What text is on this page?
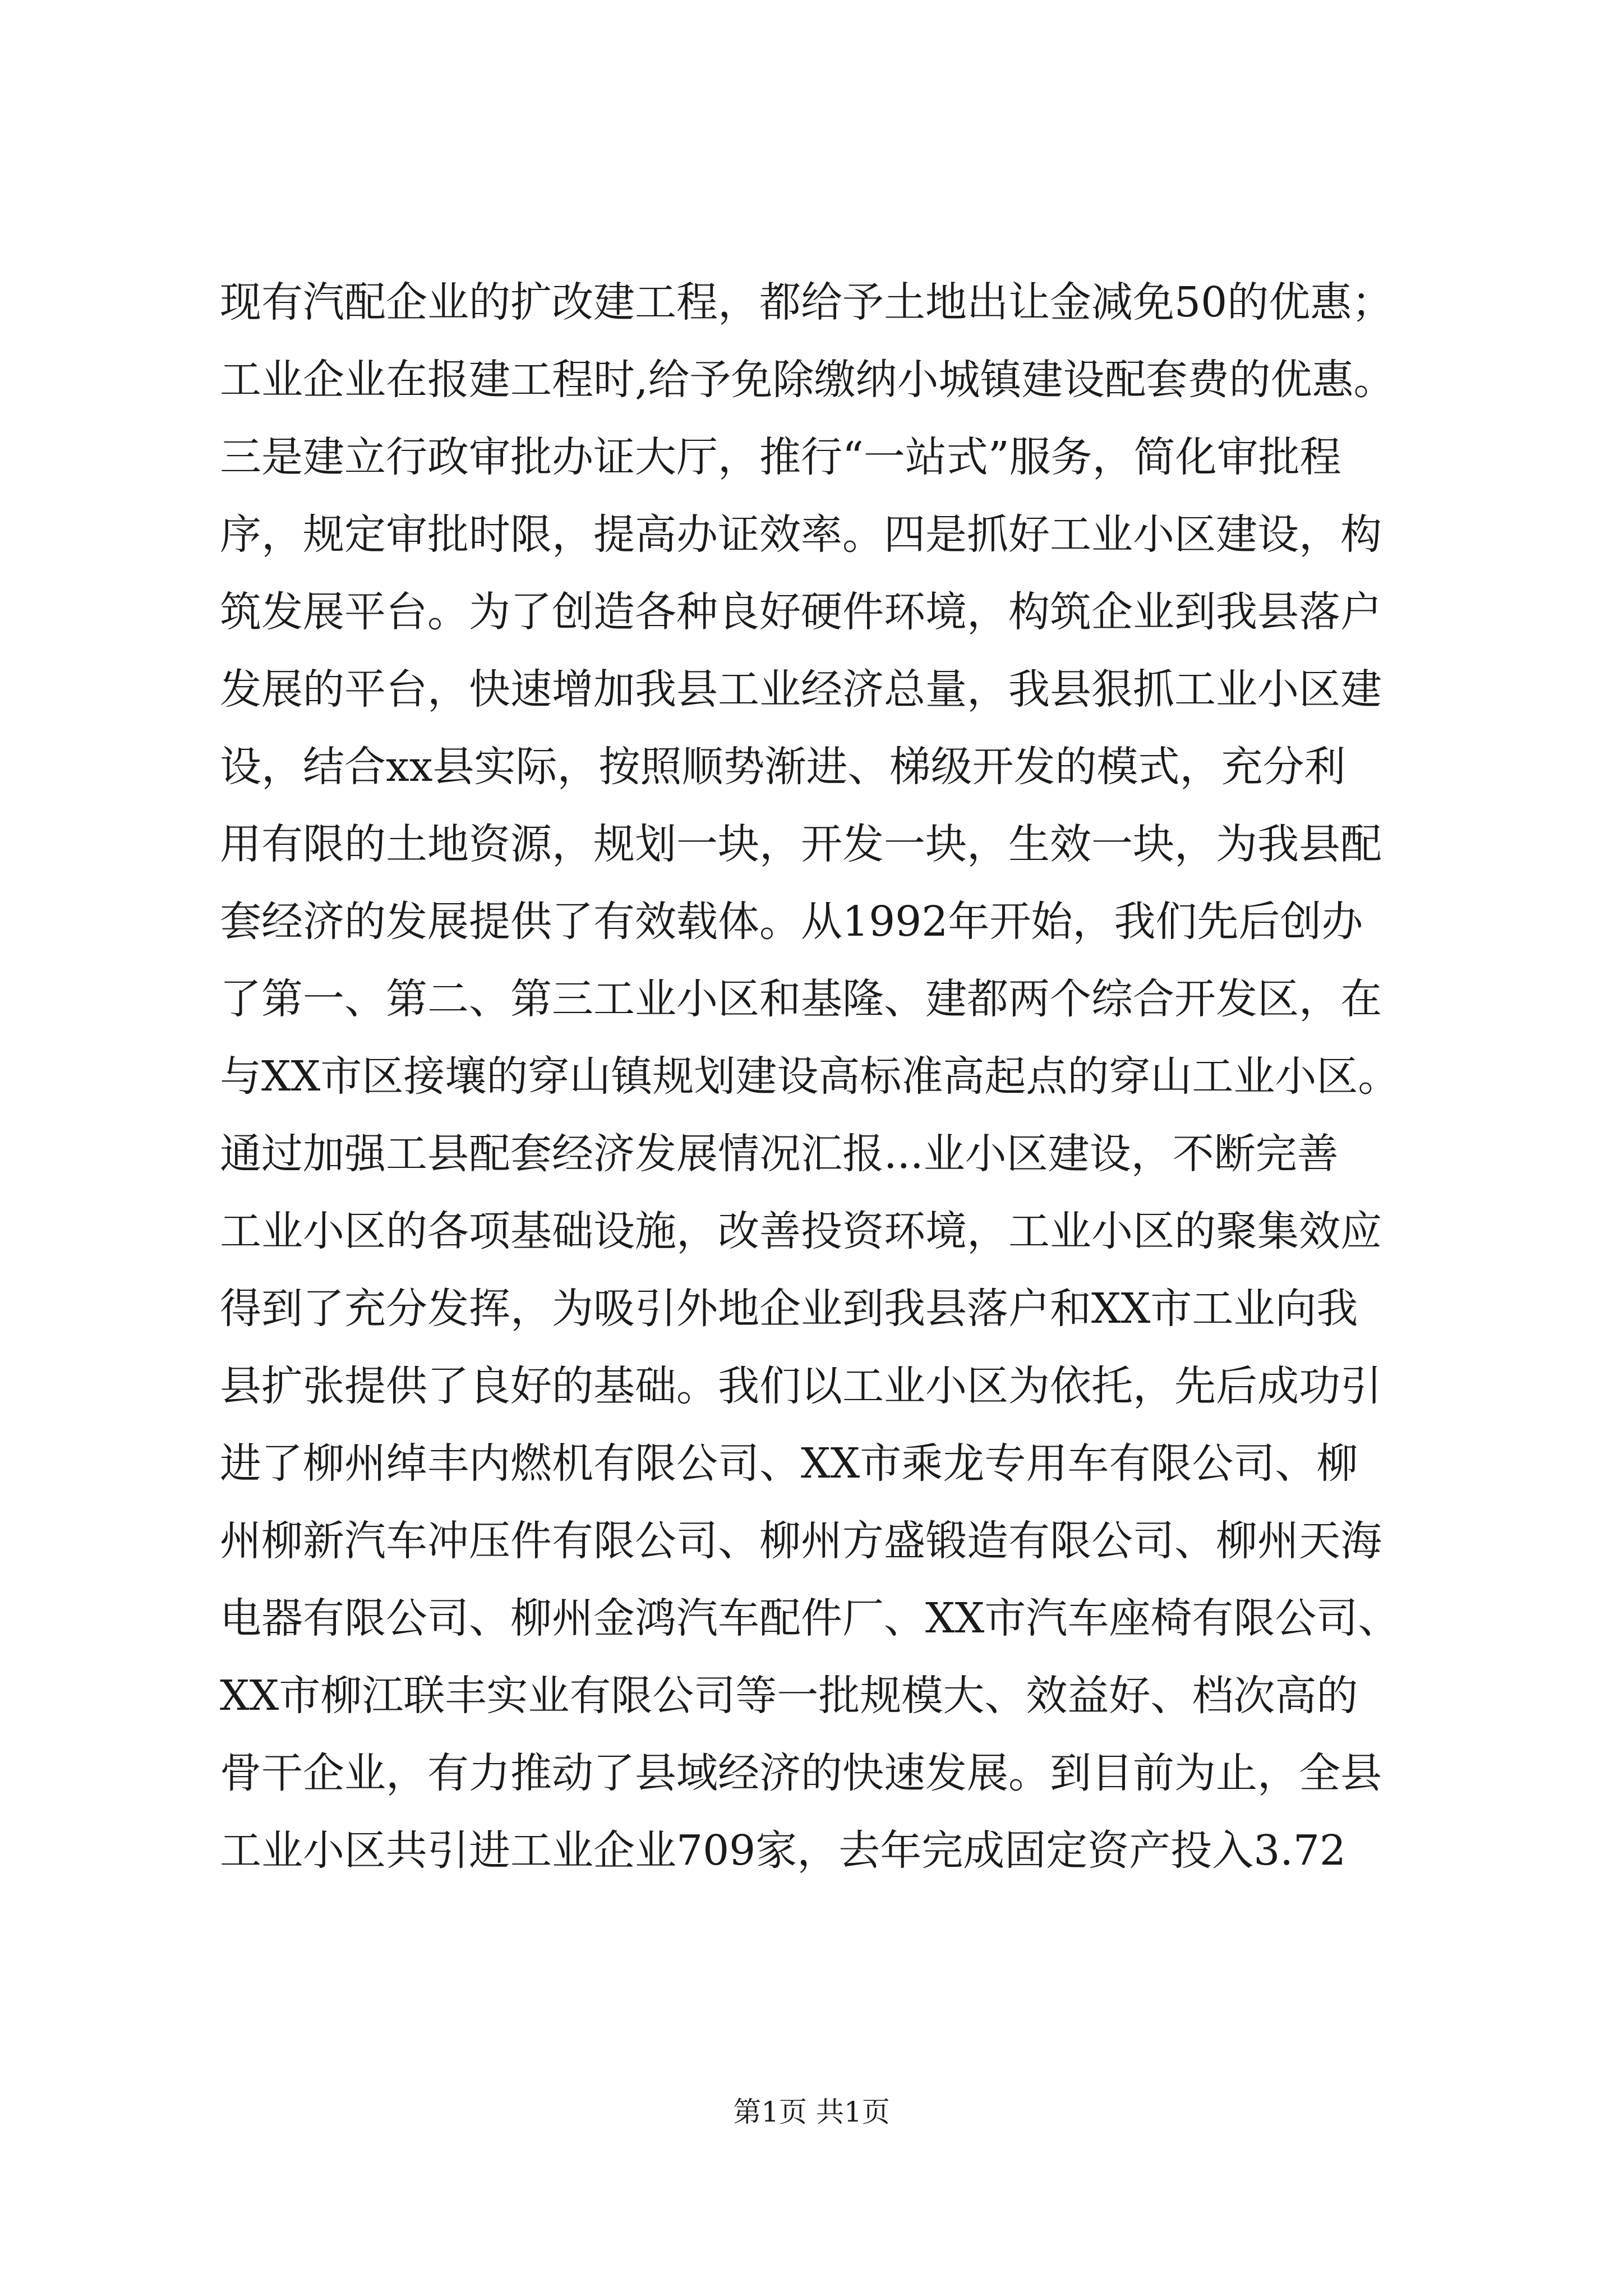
现有汽配企业的扩改建工程，都给予土地出让金减免50的优惠；
工业企业在报建工程时,给予免除缴纳小城镇建设配套费的优惠。
三是建立行政审批办证大厅，推行“一站式”服务，简化审批程
序，规定审批时限，提高办证效率。四是抓好工业小区建设，构
筑发展平台。为了创造各种良好硬件环境，构筑企业到我县落户
发展的平台，快速增加我县工业经济总量，我县狠抓工业小区建
设，结合xx县实际，按照顺势渐进、梯级开发的模式，充分利
用有限的土地资源，规划一块，开发一块，生效一块，为我县配
套经济的发展提供了有效载体。从1992年开始，我们先后创办
了第一、第二、第三工业小区和基隆、建都两个综合开发区，在
与XX市区接壤的穿山镇规划建设高标准高起点的穿山工业小区。
通过加强工县配套经济发展情况汇报...业小区建设，不断完善
工业小区的各项基础设施，改善投资环境，工业小区的聚集效应
得到了充分发挥，为吸引外地企业到我县落户和XX市工业向我
县扩张提供了良好的基础。我们以工业小区为依托，先后成功引
进了柳州绰丰内燃机有限公司、XX市乘龙专用车有限公司、柳
州柳新汽车冲压件有限公司、柳州方盛锻造有限公司、柳州天海
电器有限公司、柳州金鸿汽车配件厂、XX市汽车座椅有限公司、
XX市柳江联丰实业有限公司等一批规模大、效益好、档次高的
骨干企业，有力推动了县域经济的快速发展。到目前为止，全县
工业小区共引进工业企业709家，去年完成固定资产投入3.72
第1页 共1页
